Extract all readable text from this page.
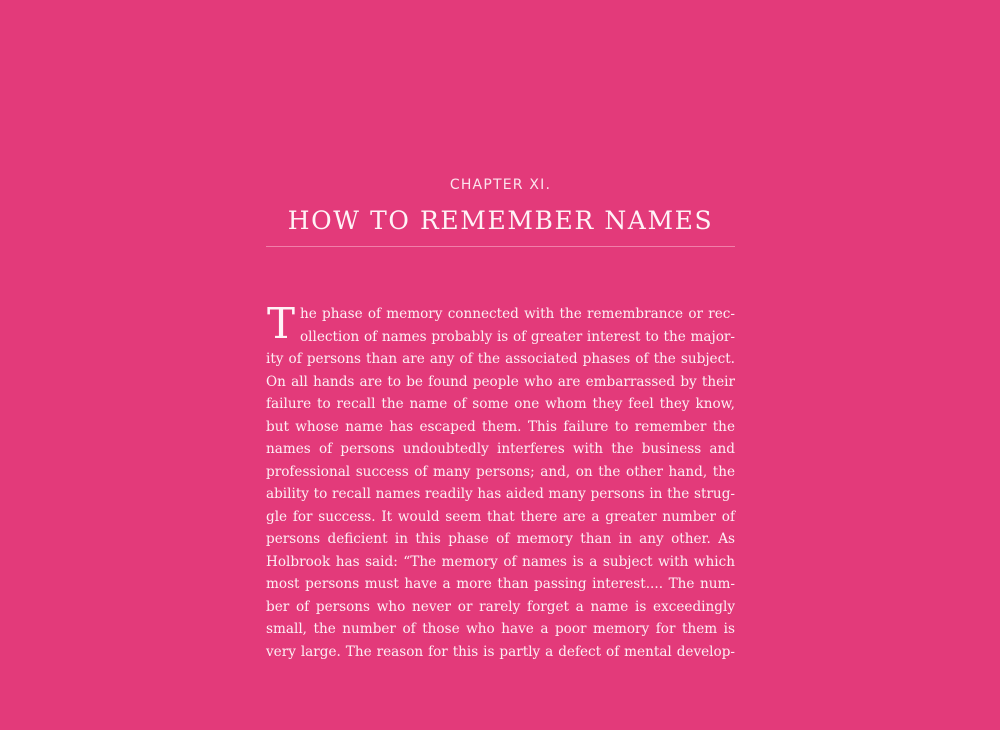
CHAPTER XI.
HOW TO REMEMBER NAMES
T he phase of memory connected with the remembrance or rec-
ollection of names probably is of greater interest to the major-
ity of persons than are any of the associated phases of the subject.
On all hands are to be found people who are embarrassed by their
failure to recall the name of some one whom they feel they know,
but whose name has escaped them. This failure to remember the
names of persons undoubtedly interferes with the business and
professional success of many persons; and, on the other hand, the
ability to recall names readily has aided many persons in the strug-
gle for success. It would seem that there are a greater number of
persons deficient in this phase of memory than in any other. As
Holbrook has said: “The memory of names is a subject with which
most persons must have a more than passing interest.... The num-
ber of persons who never or rarely forget a name is exceedingly
small, the number of those who have a poor memory for them is
very large. The reason for this is partly a defect of mental develop-
